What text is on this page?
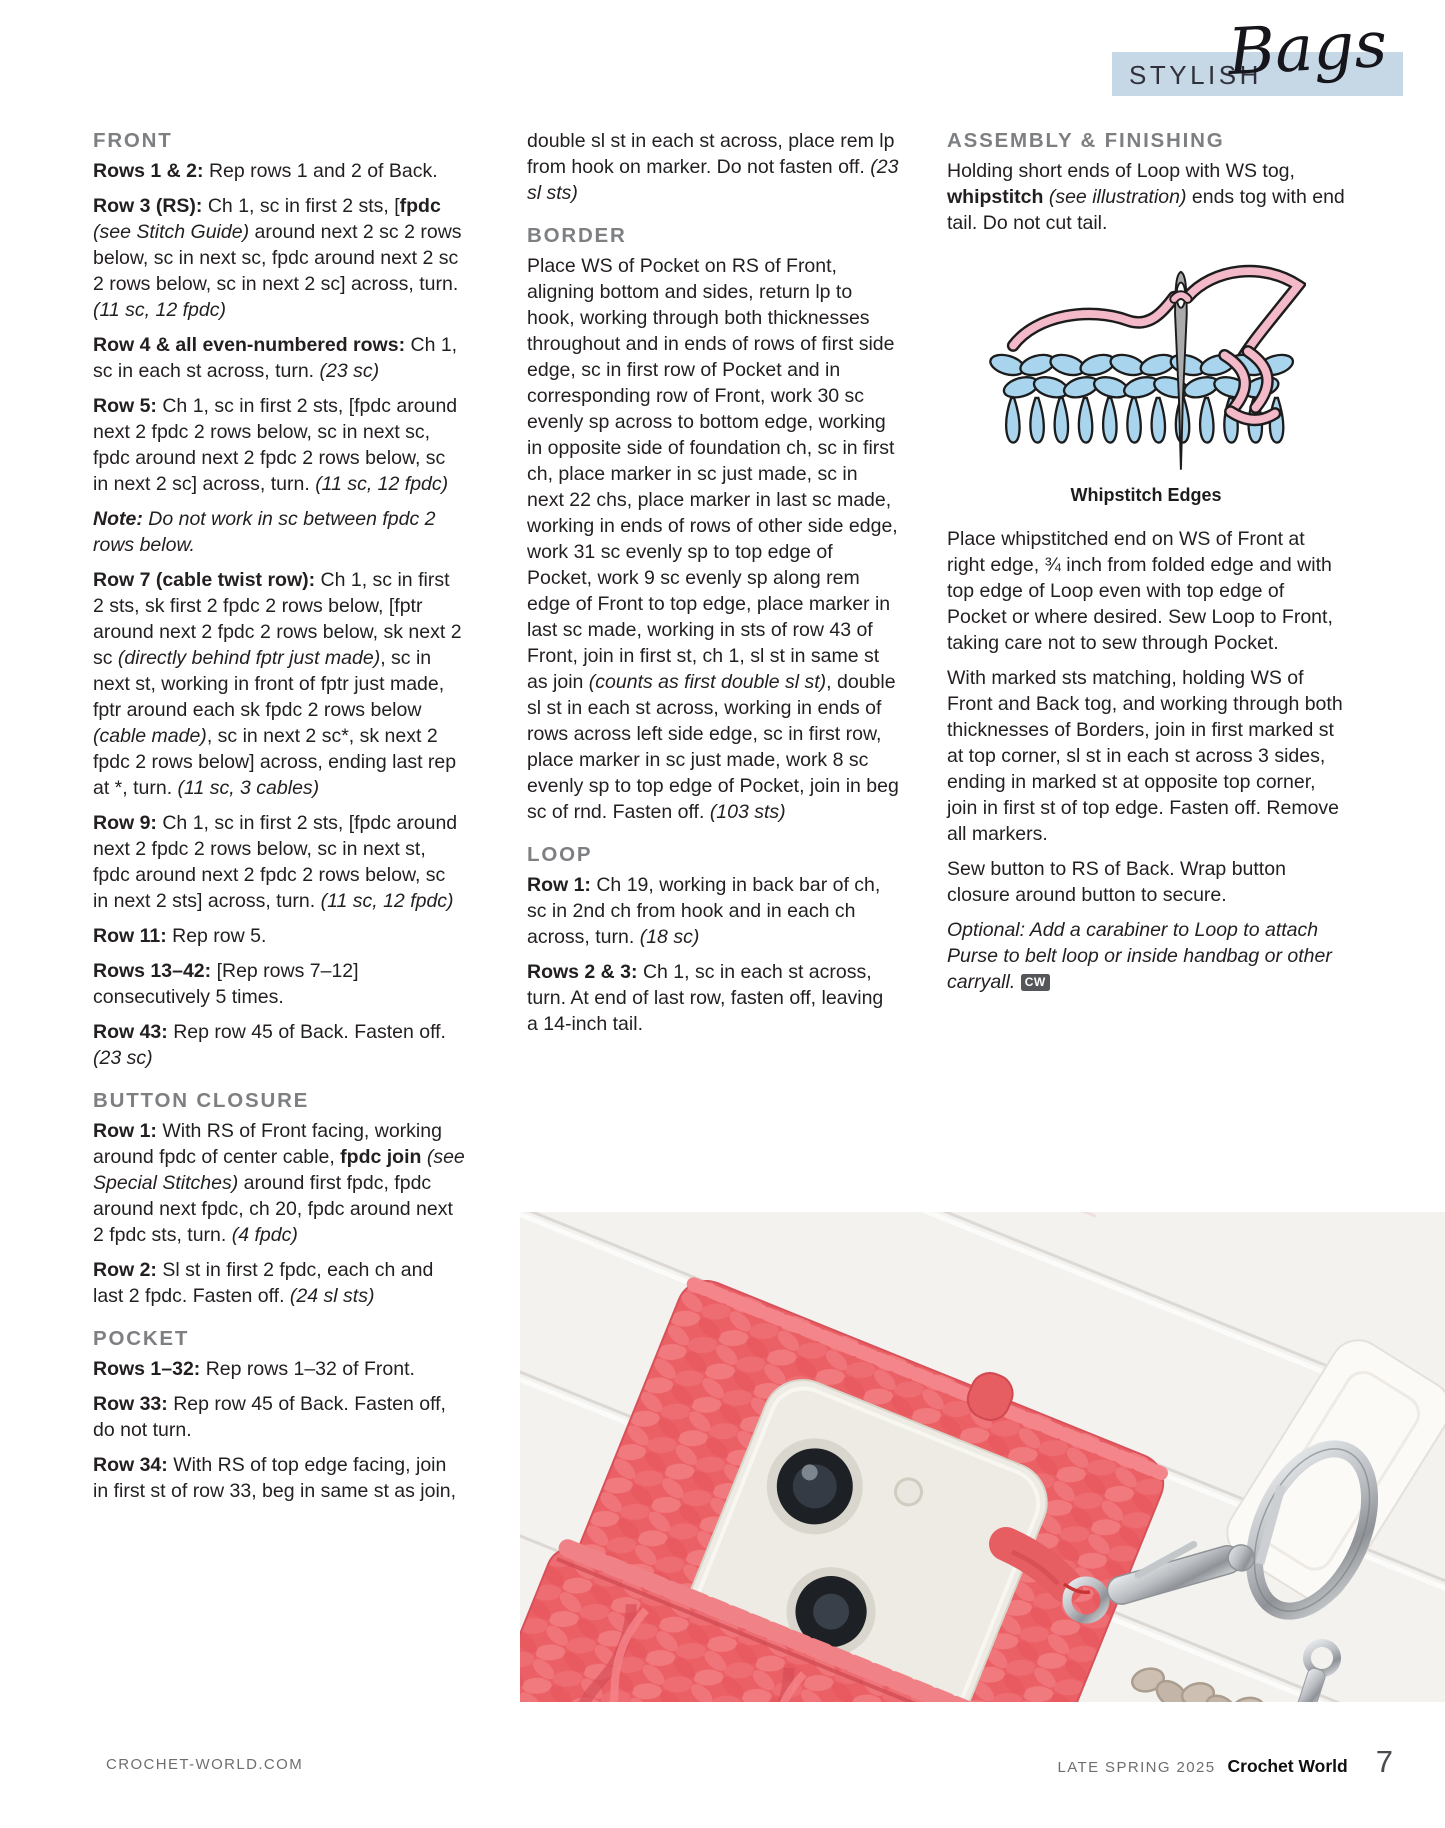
STYLISH
Bags
FRONT

Rows 1 & 2: Rep rows 1 and 2 of Back.

Row 3 (RS): Ch 1, sc in first 2 sts, [fpdc (see Stitch Guide) around next 2 sc 2 rows below, sc in next sc, fpdc around next 2 sc 2 rows below, sc in next 2 sc] across, turn. (11 sc, 12 fpdc)

Row 4 & all even-numbered rows: Ch 1, sc in each st across, turn. (23 sc)

Row 5: Ch 1, sc in first 2 sts, [fpdc around next 2 fpdc 2 rows below, sc in next sc, fpdc around next 2 fpdc 2 rows below, sc in next 2 sc] across, turn. (11 sc, 12 fpdc)

Note: Do not work in sc between fpdc 2 rows below.

Row 7 (cable twist row): Ch 1, sc in first 2 sts, sk first 2 fpdc 2 rows below, [fptr around next 2 fpdc 2 rows below, sk next 2 sc (directly behind fptr just made), sc in next st, working in front of fptr just made, fptr around each sk fpdc 2 rows below (cable made), sc in next 2 sc*, sk next 2 fpdc 2 rows below] across, ending last rep at *, turn. (11 sc, 3 cables)

Row 9: Ch 1, sc in first 2 sts, [fpdc around next 2 fpdc 2 rows below, sc in next st, fpdc around next 2 fpdc 2 rows below, sc in next 2 sts] across, turn. (11 sc, 12 fpdc)

Row 11: Rep row 5.

Rows 13–42: [Rep rows 7–12] consecutively 5 times.

Row 43: Rep row 45 of Back. Fasten off. (23 sc)

BUTTON CLOSURE

Row 1: With RS of Front facing, working around fpdc of center cable, fpdc join (see Special Stitches) around first fpdc, fpdc around next fpdc, ch 20, fpdc around next 2 fpdc sts, turn. (4 fpdc)

Row 2: Sl st in first 2 fpdc, each ch and last 2 fpdc. Fasten off. (24 sl sts)

POCKET

Rows 1–32: Rep rows 1–32 of Front.

Row 33: Rep row 45 of Back. Fasten off, do not turn.

Row 34: With RS of top edge facing, join in first st of row 33, beg in same st as join,

double sl st in each st across, place rem lp from hook on marker. Do not fasten off. (23 sl sts)

BORDER

Place WS of Pocket on RS of Front, aligning bottom and sides, return lp to hook, working through both thicknesses throughout and in ends of rows of first side edge, sc in first row of Pocket and in corresponding row of Front, work 30 sc evenly sp across to bottom edge, working in opposite side of foundation ch, sc in first ch, place marker in sc just made, sc in next 22 chs, place marker in last sc made, working in ends of rows of other side edge, work 31 sc evenly sp to top edge of Pocket, work 9 sc evenly sp along rem edge of Front to top edge, place marker in last sc made, working in sts of row 43 of Front, join in first st, ch 1, sl st in same st as join (counts as first double sl st), double sl st in each st across, working in ends of rows across left side edge, sc in first row, place marker in sc just made, work 8 sc evenly sp to top edge of Pocket, join in beg sc of rnd. Fasten off. (103 sts)

LOOP

Row 1: Ch 19, working in back bar of ch, sc in 2nd ch from hook and in each ch across, turn. (18 sc)

Rows 2 & 3: Ch 1, sc in each st across, turn. At end of last row, fasten off, leaving a 14-inch tail.

ASSEMBLY & FINISHING

Holding short ends of Loop with WS tog, whipstitch (see illustration) ends tog with end tail. Do not cut tail.

Whipstitch Edges

Place whipstitched end on WS of Front at right edge, ¾ inch from folded edge and with top edge of Loop even with top edge of Pocket or where desired. Sew Loop to Front, taking care not to sew through Pocket.

With marked sts matching, holding WS of Front and Back tog, and working through both thicknesses of Borders, join in first marked st at top corner, sl st in each st across 3 sides, ending in marked st at opposite top corner, join in first st of top edge. Fasten off. Remove all markers.

Sew button to RS of Back. Wrap button closure around button to secure.

Optional: Add a carabiner to Loop to attach Purse to belt loop or inside handbag or other carryall. CW

CROCHET-WORLD.COM	LATE SPRING 2025 Crochet World 7
